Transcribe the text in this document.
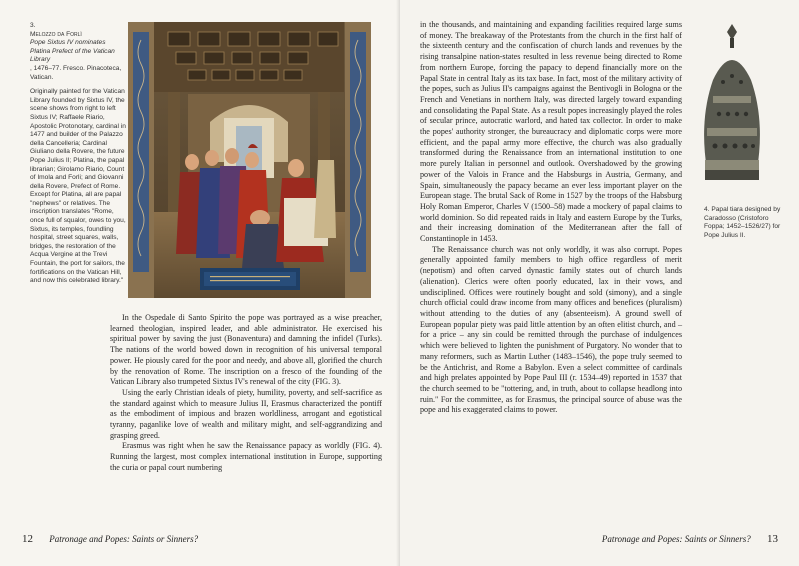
3.
Melozzo da Forlì
Pope Sixtus IV nominates Platina Prefect of the Vatican Library
, 1476–77. Fresco. Pinacoteca, Vatican.

Originally painted for the Vatican Library founded by Sixtus IV, the scene shows from right to left Sixtus IV; Raffaele Riario, Apostolic Protonotary, cardinal in 1477 and builder of the Palazzo della Cancelleria; Cardinal Giuliano della Rovere, the future Pope Julius II; Platina, the papal librarian; Girolamo Riario, Count of Imola and Forli; and Giovanni della Rovere, Prefect of Rome. Except for Platina, all are papal "nephews" or relatives. The inscription translates "Rome, once full of squalor, owes to you, Sixtus, its temples, foundling hospital, street squares, walls, bridges, the restoration of the Acqua Vergine at the Trevi Fountain, the port for sailors, the fortifications on the Vatican Hill, and now this celebrated library."

In the Ospedale di Santo Spirito the pope was portrayed as a wise preacher, learned theologian, inspired leader, and able administrator. He exercised his spiritual power by saving the just (Bonaventura) and damning the infidel (Turks). The nations of the world bowed down in recognition of his universal temporal power. He piously cared for the poor and needy, and above all, glorified the church by the renovation of Rome. The inscription on a fresco of the founding of the Vatican Library also trumpeted Sixtus IV's renewal of the city (FIG. 3).

Using the early Christian ideals of piety, humility, poverty, and self-sacrifice as the standard against which to measure Julius II, Erasmus characterized the pontiff as the embodiment of impious and brazen worldliness, arrogant and egotistical tyranny, paganlike love of wealth and military might, and self-aggrandizing and grasping greed.

Erasmus was right when he saw the Renaissance papacy as worldly (FIG. 4). Running the largest, most complex international institution in Europe, supporting the curia or papal court numbering

12 Patronage and Popes: Saints or Sinners?

in the thousands, and maintaining and expanding facilities required large sums of money. The breakaway of the Protestants from the church in the first half of the sixteenth century and the confiscation of church lands and revenues by the rising transalpine nation-states resulted in less revenue being directed to Rome from northern Europe, forcing the papacy to depend financially more on the Papal State in central Italy as its tax base. In fact, most of the military activity of the popes, such as Julius II's campaigns against the Bentivogli in Bologna or the French and Venetians in northern Italy, was directed largely toward expanding and consolidating the Papal State. As a result popes increasingly played the roles of secular prince, autocratic warlord, and hated tax collector. In order to make the popes' authority stronger, the bureaucracy and diplomatic corps were more efficient, and the papal army more effective, the church was also gradually transformed during the Renaissance from an international institution to one more purely Italian in personnel and outlook. Overshadowed by the growing power of the Valois in France and the Habsburgs in Austria, Germany, and Spain, simultaneously the papacy became an ever less important player on the European stage. The brutal Sack of Rome in 1527 by the troops of the Habsburg Holy Roman Emperor, Charles V (1500–58) made a mockery of papal claims to world dominion. So did repeated raids in Italy and eastern Europe by the Turks, and their increasing domination of the Mediterranean after the fall of Constantinople in 1453.

The Renaissance church was not only worldly, it was also corrupt. Popes generally appointed family members to high office regardless of merit (nepotism) and often carved dynastic family states out of church lands (alienation). Clerics were often poorly educated, lax in their vows, and undisciplined. Offices were routinely bought and sold (simony), and a single church official could draw income from many offices and benefices (pluralism) without attending to the duties of any (absenteeism). A ground swell of European popular piety was paid little attention by an often elitist church, and – for a price – any sin could be remitted through the purchase of indulgences which were believed to lighten the punishment of Purgatory. No wonder that to many reformers, such as Martin Luther (1483–1546), the pope truly seemed to be the Antichrist, and Rome a Babylon. Even a select committee of cardinals and high prelates appointed by Pope Paul III (r. 1534–49) reported in 1537 that the church seemed to be "tottering, and, in truth, about to collapse headlong into ruin." For the committee, as for Erasmus, the principal source of abuse was the pope and his exaggerated claims to power.

4. Papal tiara designed by Caradosso (Cristoforo Foppa; 1452–1526/27) for Pope Julius II.
Patronage and Popes: Saints or Sinners? 13
